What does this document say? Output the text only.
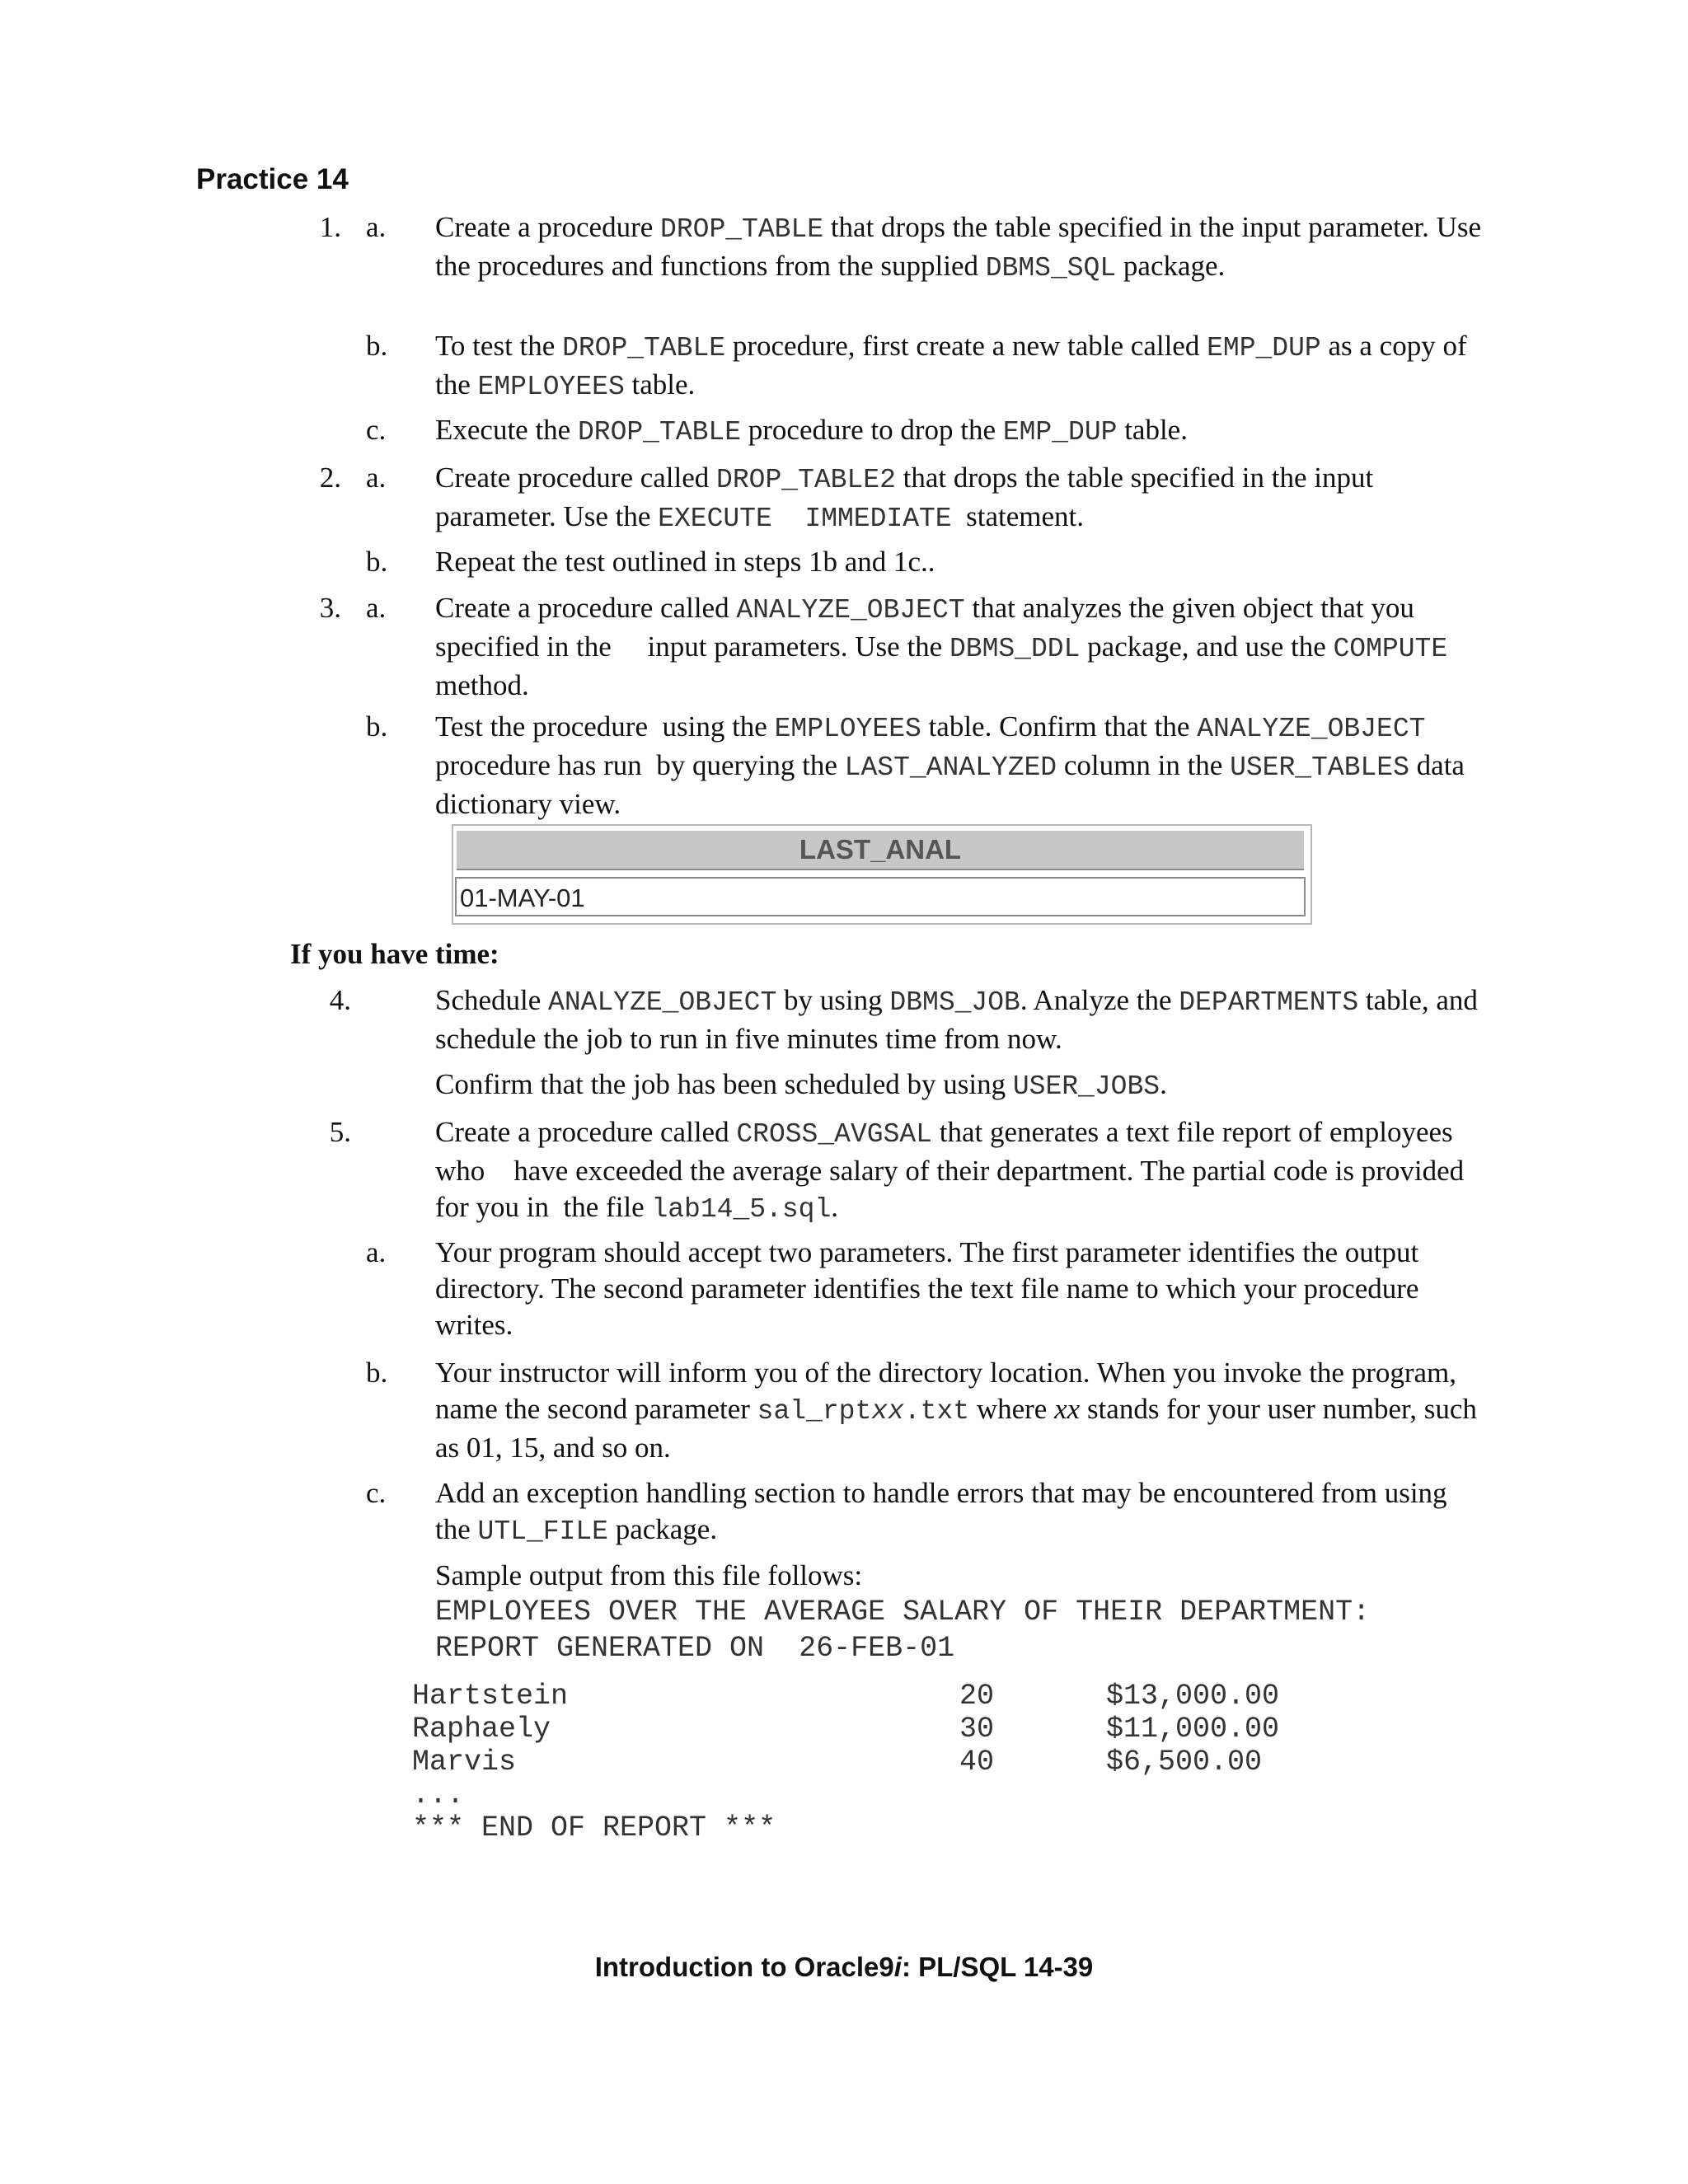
Practice 14
1. a. Create a procedure DROP_TABLE that drops the table specified in the input parameter. Use the procedures and functions from the supplied DBMS_SQL package.
b. To test the DROP_TABLE procedure, first create a new table called EMP_DUP as a copy of the EMPLOYEES table.
c. Execute the DROP_TABLE procedure to drop the EMP_DUP table.
2. a. Create procedure called DROP_TABLE2 that drops the table specified in the input parameter. Use the EXECUTE  IMMEDIATE  statement.
b. Repeat the test outlined in steps 1b and 1c..
3. a. Create a procedure called ANALYZE_OBJECT that analyzes the given object that you specified in the     input parameters. Use the DBMS_DDL package, and use the COMPUTE method.
b. Test the procedure  using the EMPLOYEES table. Confirm that the ANALYZE_OBJECT procedure has run  by querying the LAST_ANALYZED column in the USER_TABLES data dictionary view.
LAST_ANAL
01-MAY-01
If you have time:
4.	Schedule ANALYZE_OBJECT by using DBMS_JOB. Analyze the DEPARTMENTS table, and schedule the job to run in five minutes time from now.
Confirm that the job has been scheduled by using USER_JOBS.
5.	Create a procedure called CROSS_AVGSAL that generates a text file report of employees who    have exceeded the average salary of their department. The partial code is provided for you in  the file lab14_5.sql.
a. Your program should accept two parameters. The first parameter identifies the output directory. The second parameter identifies the text file name to which your procedure writes.
b. Your instructor will inform you of the directory location. When you invoke the program, name the second parameter sal_rptxx.txt where xx stands for your user number, such as 01, 15, and so on.
c. Add an exception handling section to handle errors that may be encountered from using the UTL_FILE package.
Sample output from this file follows:
EMPLOYEES OVER THE AVERAGE SALARY OF THEIR DEPARTMENT:
REPORT GENERATED ON  26-FEB-01
Hartstein	20	$13,000.00
Raphaely	30	$11,000.00
Marvis	40	$6,500.00
...
*** END OF REPORT ***
Introduction to Oracle9i: PL/SQL 14-39
